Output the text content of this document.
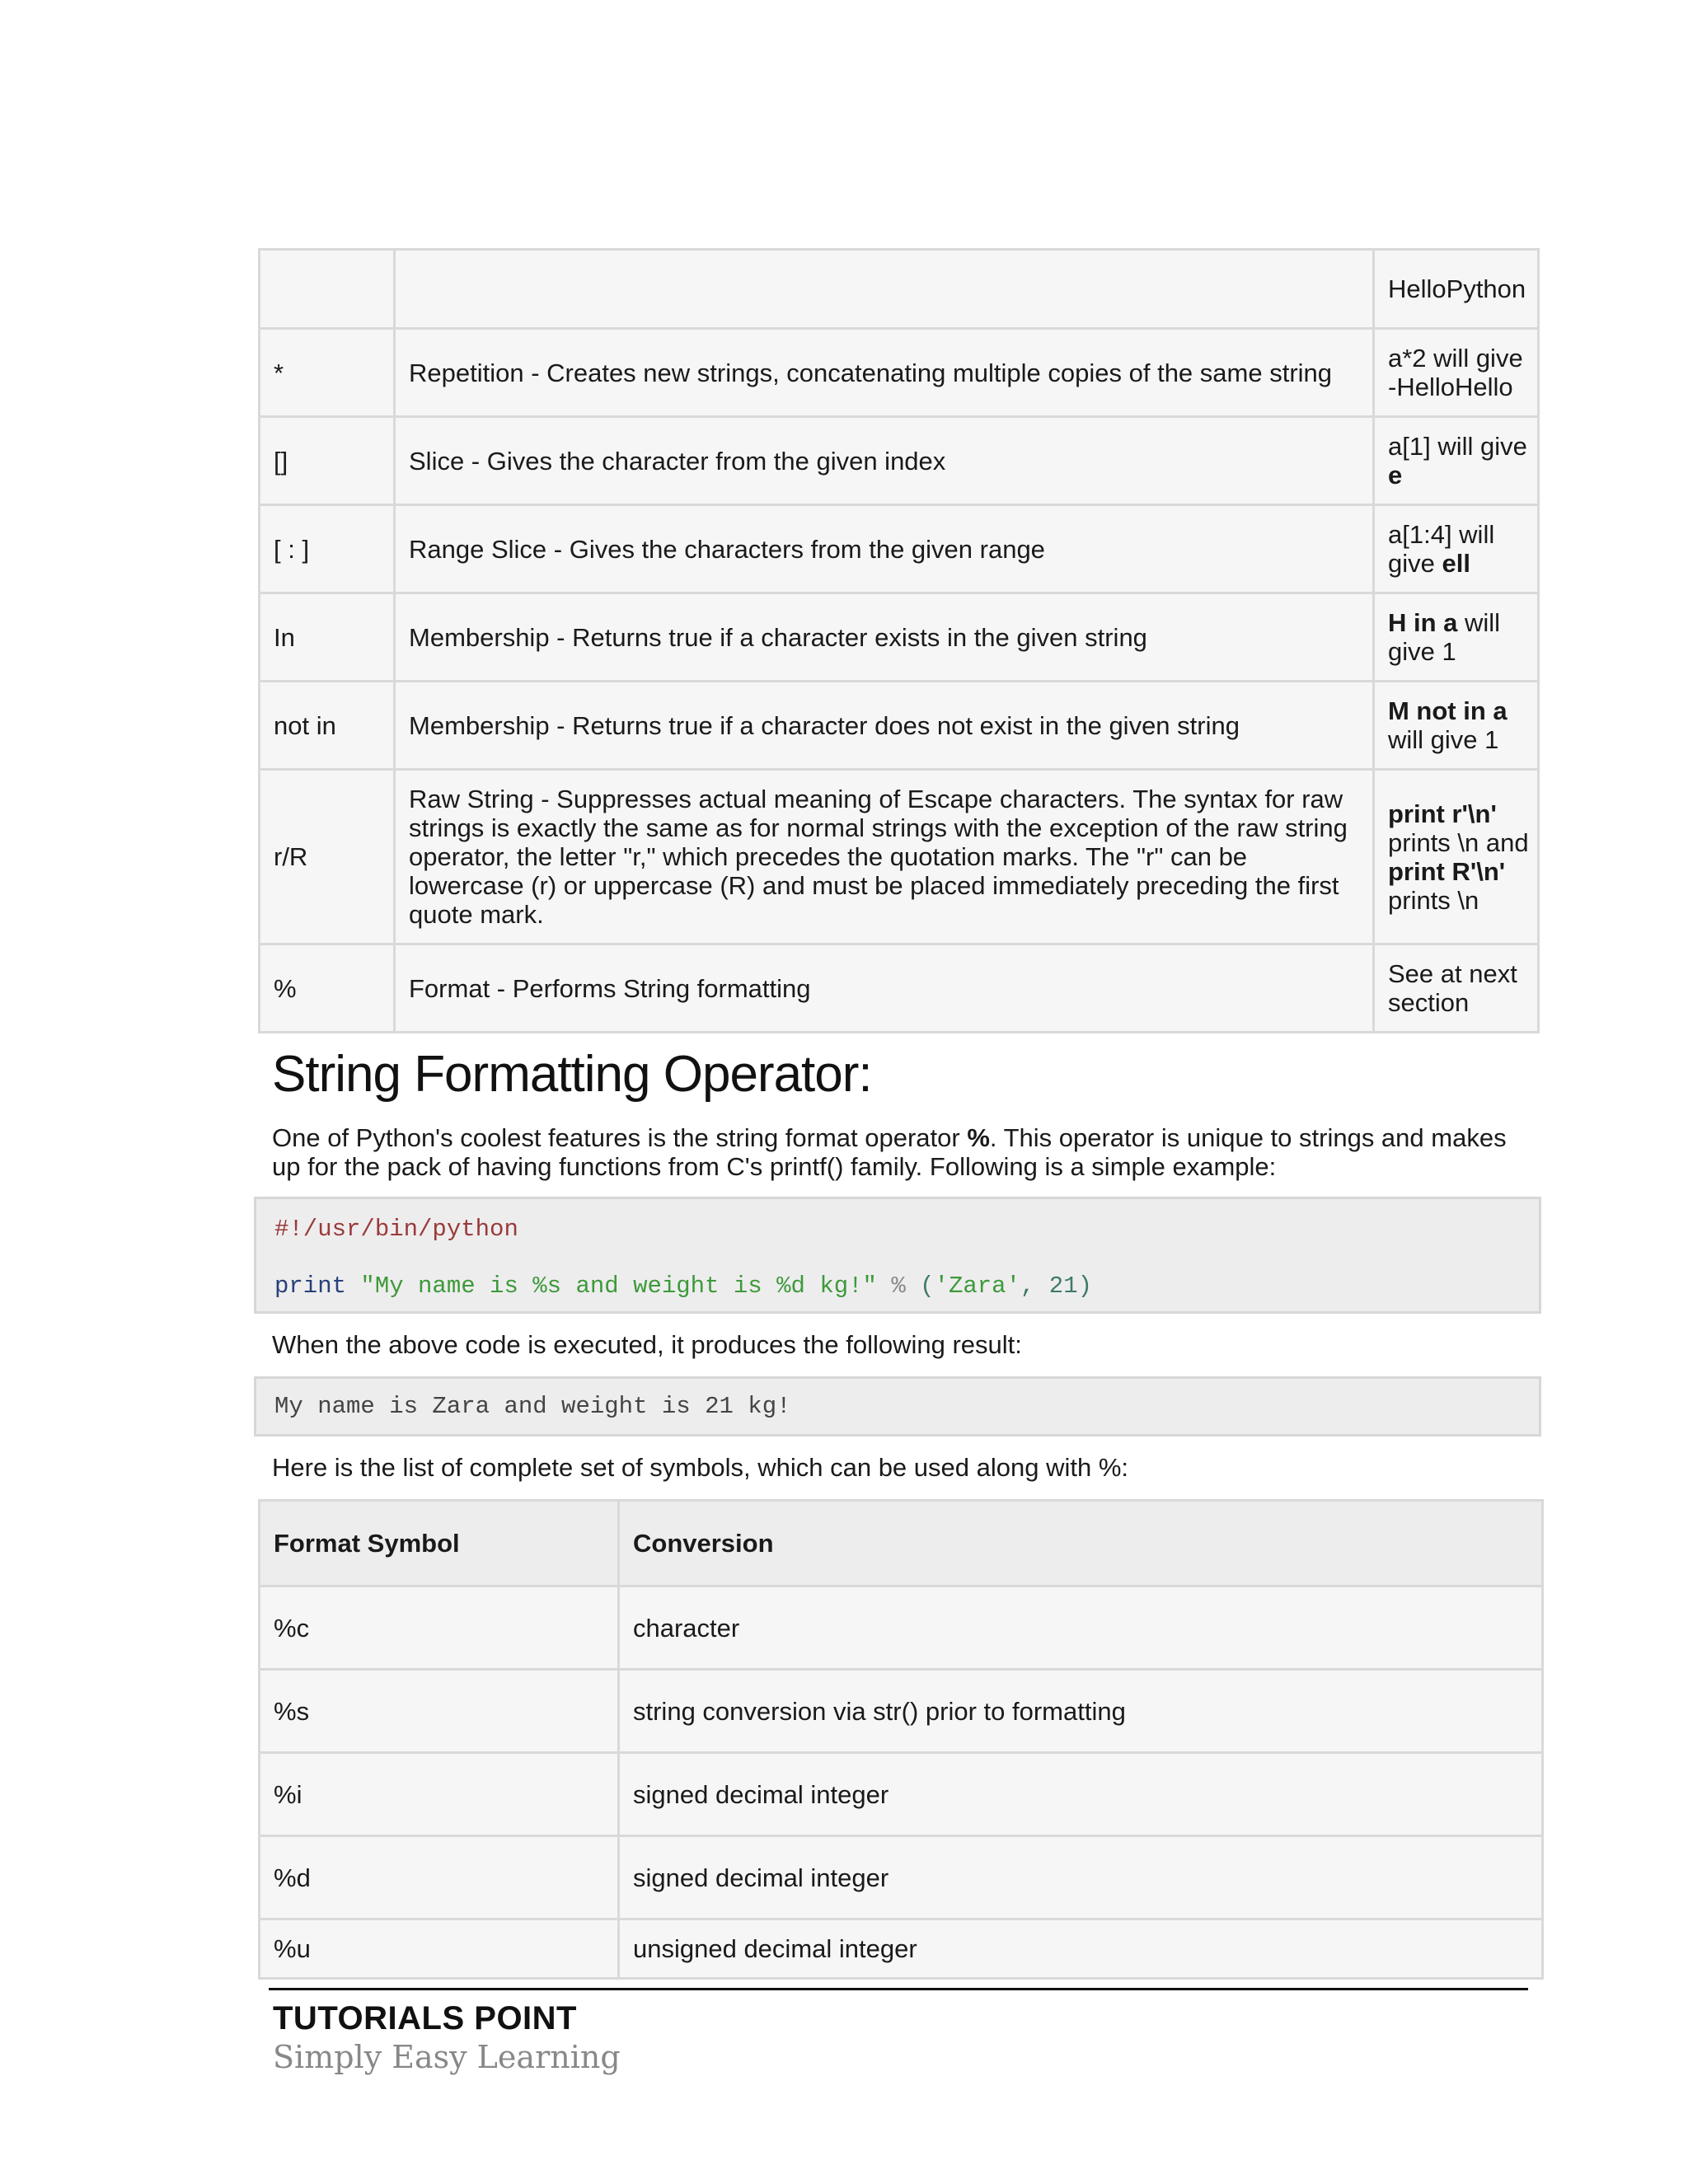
		HelloPython
*	Repetition - Creates new strings, concatenating multiple copies of the same string	a*2 will give -HelloHello
[]	Slice - Gives the character from the given index	a[1] will give e
[ : ]	Range Slice - Gives the characters from the given range	a[1:4] will give ell
In	Membership - Returns true if a character exists in the given string	H in a will give 1
not in	Membership - Returns true if a character does not exist in the given string	M not in a will give 1
r/R	Raw String - Suppresses actual meaning of Escape characters. The syntax for raw strings is exactly the same as for normal strings with the exception of the raw string operator, the letter "r," which precedes the quotation marks. The "r" can be lowercase (r) or uppercase (R) and must be placed immediately preceding the first quote mark.	print r'\n' prints \n and print R'\n' prints \n
%	Format - Performs String formatting	See at next section
String Formatting Operator:

One of Python's coolest features is the string format operator %. This operator is unique to strings and makes up for the pack of having functions from C's printf() family. Following is a simple example:

#!/usr/bin/python
print "My name is %s and weight is %d kg!" % ('Zara', 21)

When the above code is executed, it produces the following result:

My name is Zara and weight is 21 kg!

Here is the list of complete set of symbols, which can be used along with %:

Format Symbol	Conversion
%c	character
%s	string conversion via str() prior to formatting
%i	signed decimal integer
%d	signed decimal integer
%u	unsigned decimal integer
TUTORIALS POINT
Simply Easy Learning
